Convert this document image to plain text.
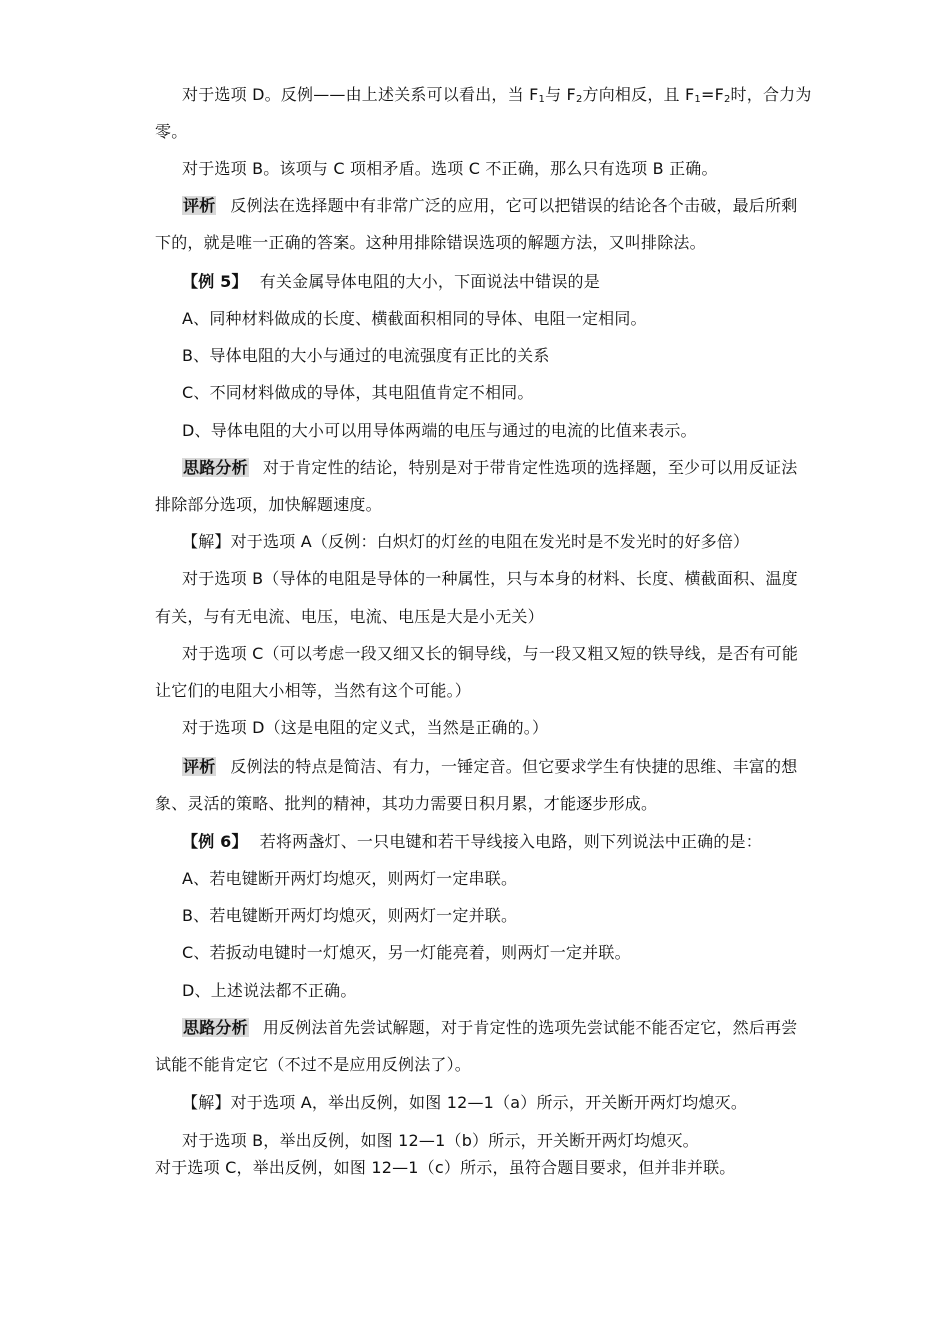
对于选项 D。反例——由上述关系可以看出，当 $F_1$与 $F_2$方向相反，且 $F_1=F_2$时，合力为
零。
对于选项 B。该项与 C 项相矛盾。选项 C 不正确，那么只有选项 B 正确。
评析 反例法在选择题中有非常广泛的应用，它可以把错误的结论各个击破，最后所剩
下的，就是唯一正确的答案。这种用排除错误选项的解题方法，又叫排除法。
【例 5】 有关金属导体电阻的大小，下面说法中错误的是
A、同种材料做成的长度、横截面积相同的导体、电阻一定相同。
B、导体电阻的大小与通过的电流强度有正比的关系
C、不同材料做成的导体，其电阻值肯定不相同。
D、导体电阻的大小可以用导体两端的电压与通过的电流的比值来表示。
思路分析 对于肯定性的结论，特别是对于带肯定性选项的选择题，至少可以用反证法
排除部分选项，加快解题速度。
【解】对于选项 A（反例：白炽灯的灯丝的电阻在发光时是不发光时的好多倍）
对于选项 B（导体的电阻是导体的一种属性，只与本身的材料、长度、横截面积、温度
有关，与有无电流、电压，电流、电压是大是小无关）
对于选项 C（可以考虑一段又细又长的铜导线，与一段又粗又短的铁导线，是否有可能
让它们的电阻大小相等，当然有这个可能。）
对于选项 D（这是电阻的定义式，当然是正确的。）
评析 反例法的特点是简洁、有力，一锤定音。但它要求学生有快捷的思维、丰富的想
象、灵活的策略、批判的精神，其功力需要日积月累，才能逐步形成。
【例 6】 若将两盏灯、一只电键和若干导线接入电路，则下列说法中正确的是：
A、若电键断开两灯均熄灭，则两灯一定串联。
B、若电键断开两灯均熄灭，则两灯一定并联。
C、若扳动电键时一灯熄灭，另一灯能亮着，则两灯一定并联。
D、上述说法都不正确。
思路分析 用反例法首先尝试解题，对于肯定性的选项先尝试能不能否定它，然后再尝
试能不能肯定它（不过不是应用反例法了）。
【解】对于选项 A，举出反例，如图 12—1（a）所示，开关断开两灯均熄灭。
对于选项 B，举出反例，如图 12—1（b）所示，开关断开两灯均熄灭。
对于选项 C，举出反例，如图 12—1（c）所示，虽符合题目要求，但并非并联。
